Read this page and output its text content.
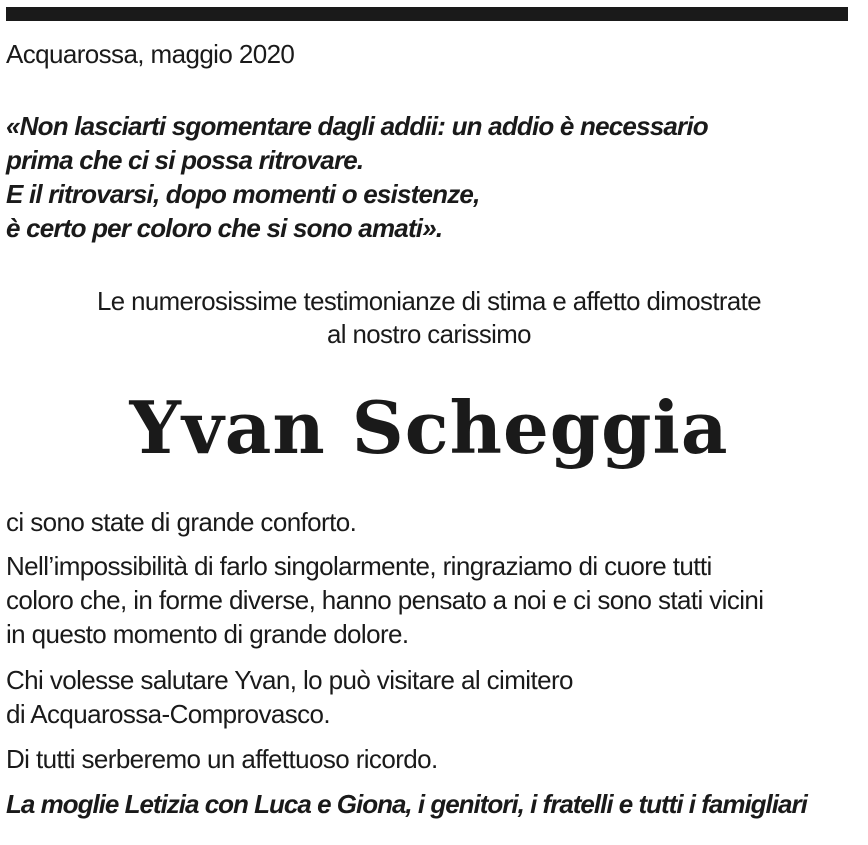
Acquarossa, maggio 2020

«Non lasciarti sgomentare dagli addii: un addio è necessario

prima che ci si possa ritrovare.

E il ritrovarsi, dopo momenti o esistenze,

è certo per coloro che si sono amati».

Le numerosissime testimonianze di stima e affetto dimostrate

al nostro carissimo

Yvan Scheggia

ci sono state di grande conforto.

Nell’impossibilità di farlo singolarmente, ringraziamo di cuore tutti

coloro che, in forme diverse, hanno pensato a noi e ci sono stati vicini

in questo momento di grande dolore.

Chi volesse salutare Yvan, lo può visitare al cimitero

di Acquarossa-Comprovasco.

Di tutti serberemo un affettuoso ricordo.

La moglie Letizia con Luca e Giona, i genitori, i fratelli e tutti i famigliari
